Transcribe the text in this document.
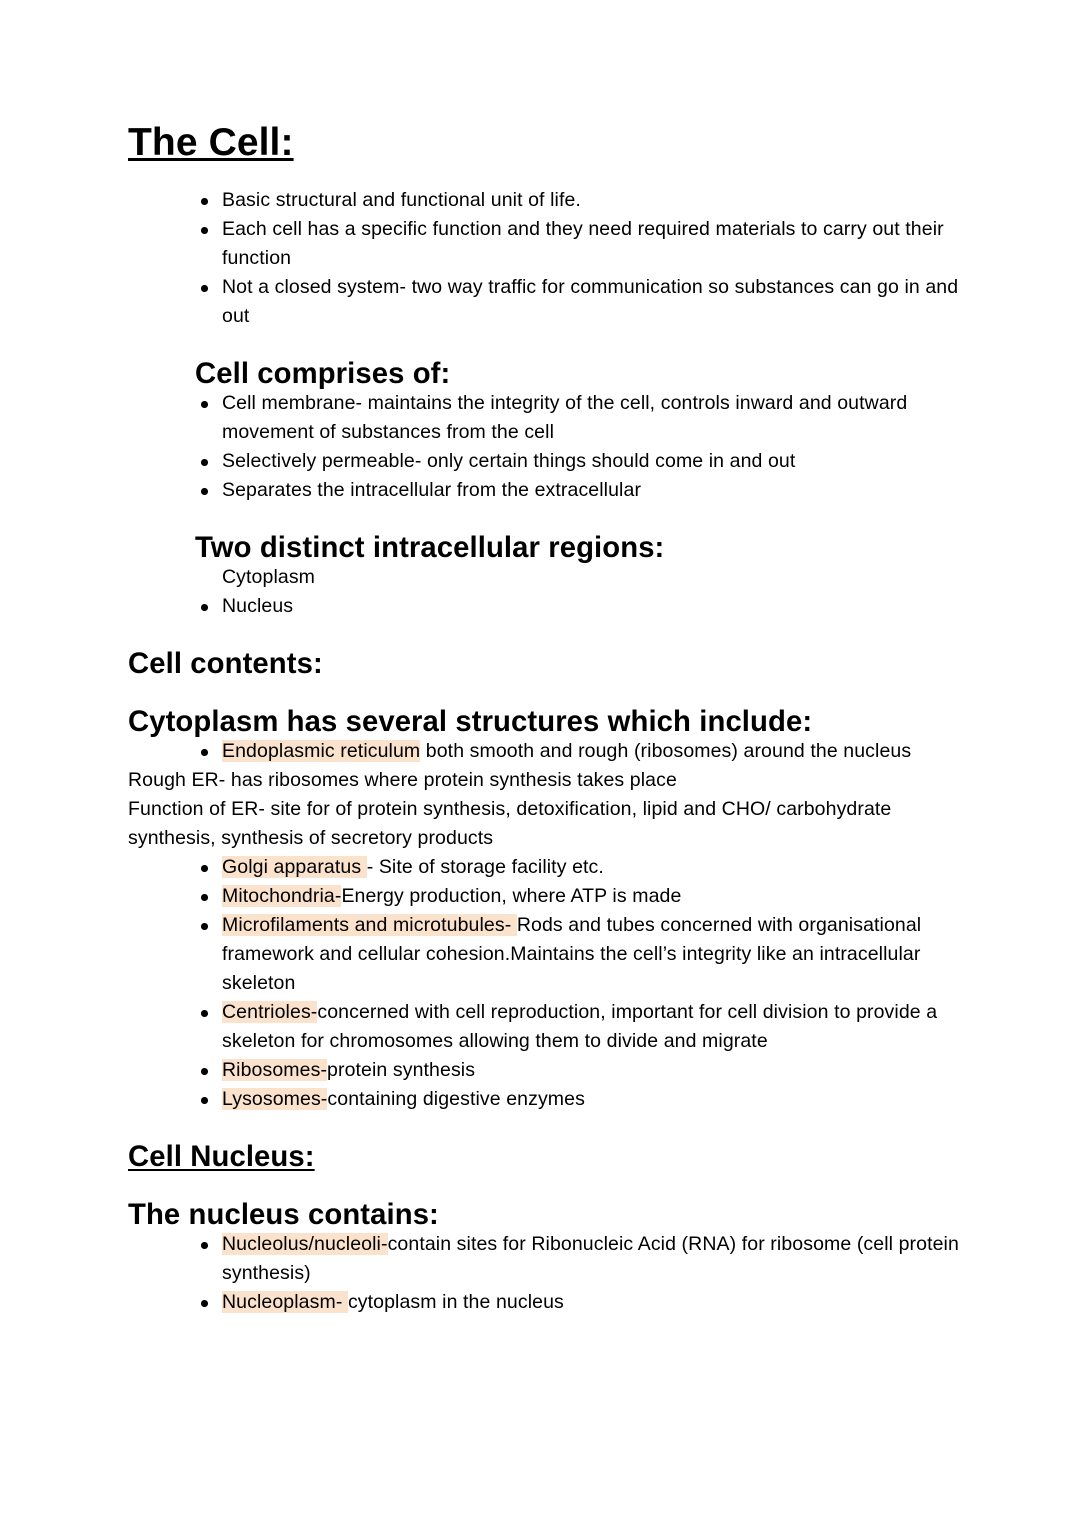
The Cell:
Basic structural and functional unit of life.
Each cell has a specific function and they need required materials to carry out their function
Not a closed system- two way traffic for communication so substances can go in and out
Cell comprises of:
Cell membrane- maintains the integrity of the cell, controls inward and outward movement of substances from the cell
Selectively permeable- only certain things should come in and out
Separates the intracellular from the extracellular
Two distinct intracellular regions:
Cytoplasm
Nucleus
Cell contents:
Cytoplasm has several structures which include:
Endoplasmic reticulum both smooth and rough (ribosomes) around the nucleus

Rough ER- has ribosomes where protein synthesis takes place

Function of ER- site for of protein synthesis, detoxification, lipid and CHO/ carbohydrate synthesis, synthesis of secretory products

Golgi apparatus - Site of storage facility etc.
Mitochondria-Energy production, where ATP is made
Microfilaments and microtubules- Rods and tubes concerned with organisational framework and cellular cohesion.Maintains the cell’s integrity like an intracellular skeleton
Centrioles-concerned with cell reproduction, important for cell division to provide a skeleton for chromosomes allowing them to divide and migrate
Ribosomes-protein synthesis
Lysosomes-containing digestive enzymes
Cell Nucleus:
The nucleus contains:
Nucleolus/nucleoli-contain sites for Ribonucleic Acid (RNA) for ribosome (cell protein synthesis)
Nucleoplasm- cytoplasm in the nucleus
